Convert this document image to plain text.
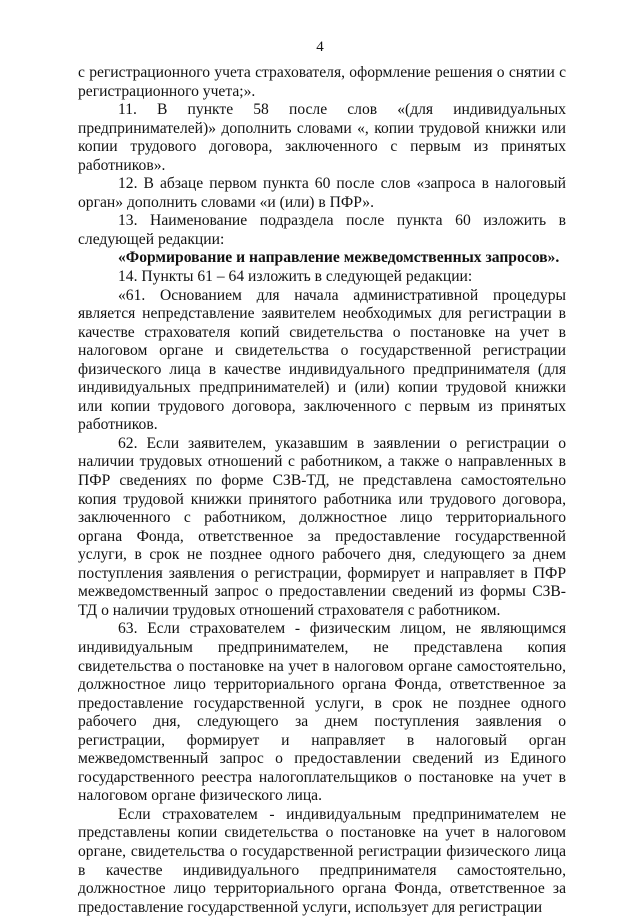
4

с регистрационного учета страхователя, оформление решения о снятии с регистрационного учета;».

11. В пункте 58 после слов «(для индивидуальных предпринимателей)» дополнить словами «, копии трудовой книжки или копии трудового договора, заключенного с первым из принятых работников».

12. В абзаце первом пункта 60 после слов «запроса в налоговый орган» дополнить словами «и (или) в ПФР».

13. Наименование подраздела после пункта 60 изложить в следующей редакции:

«Формирование и направление межведомственных запросов».

14. Пункты 61 – 64 изложить в следующей редакции:

«61. Основанием для начала административной процедуры является непредставление заявителем необходимых для регистрации в качестве страхователя копий свидетельства о постановке на учет в налоговом органе и свидетельства о государственной регистрации физического лица в качестве индивидуального предпринимателя (для индивидуальных предпринимателей) и (или) копии трудовой книжки или копии трудового договора, заключенного с первым из принятых работников.

62. Если заявителем, указавшим в заявлении о регистрации о наличии трудовых отношений с работником, а также о направленных в ПФР сведениях по форме СЗВ-ТД, не представлена самостоятельно копия трудовой книжки принятого работника или трудового договора, заключенного с работником, должностное лицо территориального органа Фонда, ответственное за предоставление государственной услуги, в срок не позднее одного рабочего дня, следующего за днем поступления заявления о регистрации, формирует и направляет в ПФР межведомственный запрос о предоставлении сведений из формы СЗВ-ТД о наличии трудовых отношений страхователя с работником.

63. Если страхователем - физическим лицом, не являющимся индивидуальным предпринимателем, не представлена копия свидетельства о постановке на учет в налоговом органе самостоятельно, должностное лицо территориального органа Фонда, ответственное за предоставление государственной услуги, в срок не позднее одного рабочего дня, следующего за днем поступления заявления о регистрации, формирует и направляет в налоговый орган межведомственный запрос о предоставлении сведений из Единого государственного реестра налогоплательщиков о постановке на учет в налоговом органе физического лица.

Если страхователем - индивидуальным предпринимателем не представлены копии свидетельства о постановке на учет в налоговом органе, свидетельства о государственной регистрации физического лица в качестве индивидуального предпринимателя самостоятельно, должностное лицо территориального органа Фонда, ответственное за предоставление государственной услуги, использует для регистрации
